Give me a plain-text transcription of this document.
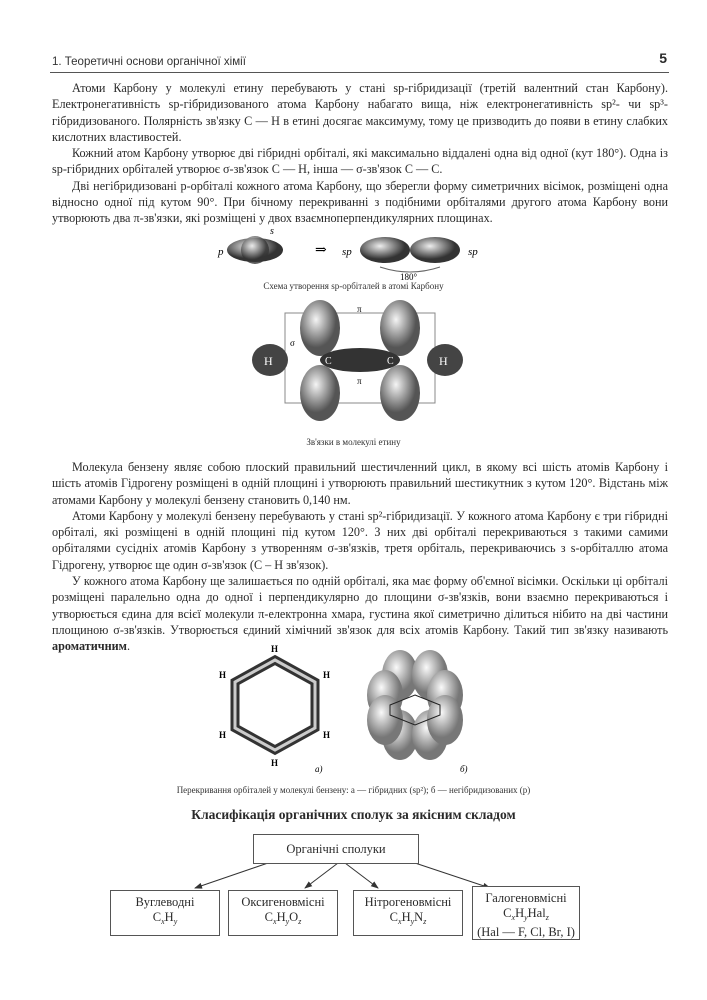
1. Теоретичні основи органічної хімії	5

Атоми Карбону у молекулі етину перебувають у стані sp-гібридизації (третій валентний стан Карбону). Електронегативність sp-гібридизованого атома Карбону набагато вища, ніж електронегативність sp²- чи sp³-гібридизованого. Полярність зв'язку С — Н в етині досягає максимуму, тому це призводить до появи в етину слабких кислотних властивостей.

Кожний атом Карбону утворює дві гібридні орбіталі, які максимально віддалені одна від одної (кут 180°). Одна із sp-гібридних орбіталей утворює σ-зв'язок С — Н, інша — σ-зв'язок С — С.

Дві негібридизовані p-орбіталі кожного атома Карбону, що зберегли форму симетричних вісімок, розміщені одна відносно одної під кутом 90°. При бічному перекриванні з подібними орбіталями другого атома Карбону вони утворюють два π-зв'язки, які розміщені у двох взаємноперпендикулярних площинах.

p
s
⇒ sp	sp
180°
Схема утворення sp-орбіталей в атомі Карбону
H	H
C	C
π
π
σ
Зв'язки в молекулі етину

Молекула бензену являє собою плоский правильний шестичленний цикл, в якому всі шість атомів Карбону і шість атомів Гідрогену розміщені в одній площині і утворюють правильний шестикутник з кутом 120°. Відстань між атомами Карбону у молекулі бензену становить 0,140 нм.

Атоми Карбону у молекулі бензену перебувають у стані sp²-гібридизації. У кожного атома Карбону є три гібридні орбіталі, які розміщені в одній площині під кутом 120°. З них дві орбіталі перекриваються з такими самими орбіталями сусідніх атомів Карбону з утворенням σ-зв'язків, третя орбіталь, перекриваючись з s-орбіталлю атома Гідрогену, утворює ще один σ-зв'язок (С – Н зв'язок).

У кожного атома Карбону ще залишається по одній орбіталі, яка має форму об'ємної вісімки. Оскільки ці орбіталі розміщені паралельно одна до одної і перпендикулярно до площини σ-зв'язків, вони взаємно перекриваються і утворюється єдина для всієї молекули π-електронна хмара, густина якої симетрично ділиться нібито на дві частини площиною σ-зв'язків. Утворюється єдиний хімічний зв'язок для всіх атомів Карбону. Такий тип зв'язку називають ароматичним.	H
H
H
H
H
H
а)	б)
Перекривання орбіталей у молекулі бензену: а — гібридних (sp²); б — негібридизованих (p)
Класифікація органічних сполук за якісним складом
Органічні сполуки
Вуглеводні
$C_xH_y$
Оксигеновмісні
$C_xH_yO_z$
Нітрогеновмісні
$C_xH_yN_z$
Галогеновмісні
$C_xH_yHal_z$
(Hal — F, Cl, Br, I)
